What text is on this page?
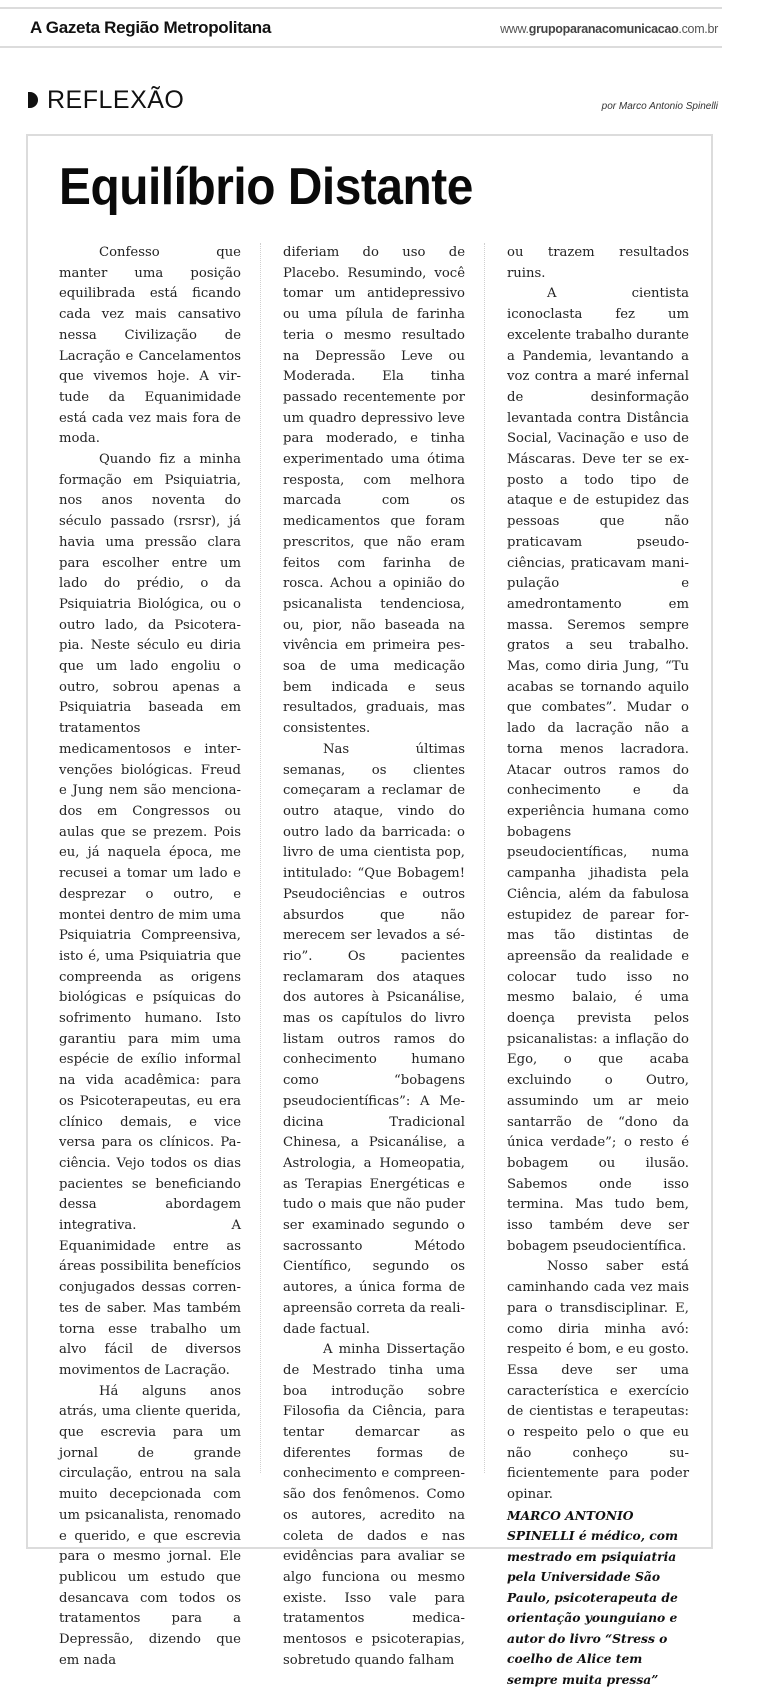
A Gazeta Região Metropolitana	www.grupoparanacomunicacao.com.br
REFLEXÃO	por Marco Antonio Spinelli
Equilíbrio Distante

Confesso que manter uma posição equilibrada está ficando cada vez mais cansativo nessa Civilização de Lacração e Cancelamentos que vivemos hoje. A virtude da Equanimidade está cada vez mais fora de moda.

Quando fiz a minha formação em Psiquiatria, nos anos noventa do século passado (rsrsr), já havia uma pressão clara para escolher entre um lado do prédio, o da Psiquiatria Biológica, ou o outro lado, da Psicoterapia. Neste século eu diria que um lado engoliu o outro, sobrou apenas a Psiquiatria baseada em tratamentos medicamentosos e intervenções biológicas. Freud e Jung nem são mencionados em Congressos ou aulas que se prezem. Pois eu, já naquela época, me recusei a tomar um lado e desprezar o outro, e montei dentro de mim uma Psiquiatria Compreensiva, isto é, uma Psiquiatria que compreenda as origens biológicas e psíquicas do sofrimento humano. Isto garantiu para mim uma espécie de exílio informal na vida acadêmica: para os Psicoterapeutas, eu era clínico demais, e vice versa para os clínicos. Paciência. Vejo todos os dias pacientes se beneficiando dessa abordagem integrativa. A Equanimidade entre as áreas possibilita benefícios conjugados dessas correntes de saber. Mas também torna esse trabalho um alvo fácil de diversos movimentos de Lacração.

Há alguns anos atrás, uma cliente querida, que escrevia para um jornal de grande circulação, entrou na sala muito decepcionada com um psicanalista, renomado e querido, e que escrevia para o mesmo jornal. Ele publicou um estudo que desancava com todos os tratamentos para a Depressão, dizendo que em nada

diferiam do uso de Placebo. Resumindo, você tomar um antidepressivo ou uma pílula de farinha teria o mesmo resultado na Depressão Leve ou Moderada. Ela tinha passado recentemente por um quadro depressivo leve para moderado, e tinha experimentado uma ótima resposta, com melhora marcada com os medicamentos que foram prescritos, que não eram feitos com farinha de rosca. Achou a opinião do psicanalista tendenciosa, ou, pior, não baseada na vivência em primeira pessoa de uma medicação bem indicada e seus resultados, graduais, mas consistentes.

Nas últimas semanas, os clientes começaram a reclamar de outro ataque, vindo do outro lado da barricada: o livro de uma cientista pop, intitulado: “Que Bobagem! Pseudociências e outros absurdos que não merecem ser levados a sério”. Os pacientes reclamaram dos ataques dos autores à Psicanálise, mas os capítulos do livro listam outros ramos do conhecimento humano como “bobagens pseudocientíficas”: A Medicina Tradicional Chinesa, a Psicanálise, a Astrologia, a Homeopatia, as Terapias Energéticas e tudo o mais que não puder ser examinado segundo o sacrossanto Método Científico, segundo os autores, a única forma de apreensão correta da realidade factual.

A minha Dissertação de Mestrado tinha uma boa introdução sobre Filosofia da Ciência, para tentar demarcar as diferentes formas de conhecimento e compreensão dos fenômenos. Como os autores, acredito na coleta de dados e nas evidências para avaliar se algo funciona ou mesmo existe. Isso vale para tratamentos medicamentosos e psicoterapias, sobretudo quando falham

ou trazem resultados ruins.

A cientista iconoclasta fez um excelente trabalho durante a Pandemia, levantando a voz contra a maré infernal de desinformação levantada contra Distância Social, Vacinação e uso de Máscaras. Deve ter se exposto a todo tipo de ataque e de estupidez das pessoas que não praticavam pseudociências, praticavam manipulação e amedrontamento em massa. Seremos sempre gratos a seu trabalho. Mas, como diria Jung, “Tu acabas se tornando aquilo que combates”. Mudar o lado da lacração não a torna menos lacradora. Atacar outros ramos do conhecimento e da experiência humana como bobagens pseudocientíficas, numa campanha jihadista pela Ciência, além da fabulosa estupidez de parear formas tão distintas de apreensão da realidade e colocar tudo isso no mesmo balaio, é uma doença prevista pelos psicanalistas: a inflação do Ego, o que acaba excluindo o Outro, assumindo um ar meio santarrão de “dono da única verdade”; o resto é bobagem ou ilusão. Sabemos onde isso termina. Mas tudo bem, isso também deve ser bobagem pseudocientífica.

Nosso saber está caminhando cada vez mais para o transdisciplinar. E, como diria minha avó: respeito é bom, e eu gosto. Essa deve ser uma característica e exercício de cientistas e terapeutas: o respeito pelo o que eu não conheço suficientemente para poder opinar.

MARCO ANTONIO SPINELLI é médico, com mestrado em psiquiatria pela Universidade São Paulo, psicoterapeuta de orientação younguiano e autor do livro “Stress o coelho de Alice tem sempre muita pressa”
